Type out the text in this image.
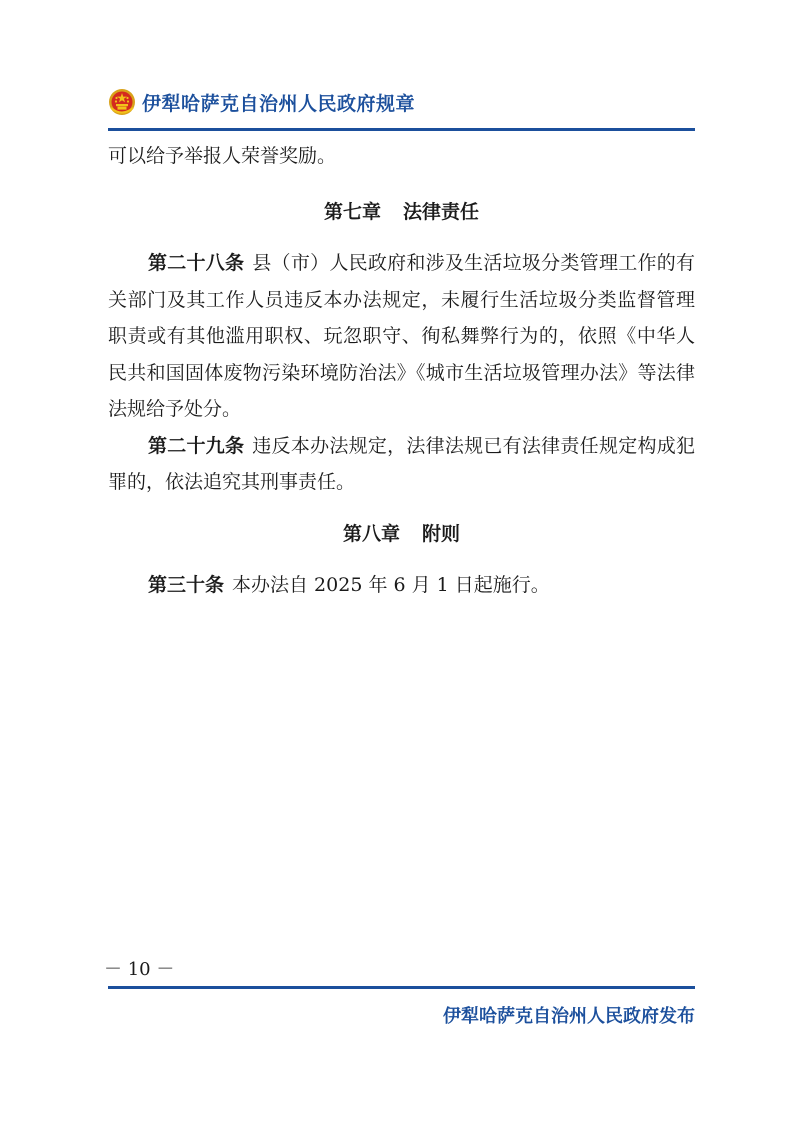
伊犁哈萨克自治州人民政府规章

可以给予举报人荣誉奖励。

第七章 法律责任

第二十八条 县（市）人民政府和涉及生活垃圾分类管理工作的有关部门及其工作人员违反本办法规定，未履行生活垃圾分类监督管理职责或有其他滥用职权、玩忽职守、徇私舞弊行为的，依照《中华人民共和国固体废物污染环境防治法》《城市生活垃圾管理办法》等法律法规给予处分。

第二十九条 违反本办法规定，法律法规已有法律责任规定构成犯罪的，依法追究其刑事责任。

第八章 附则

第三十条 本办法自 2025 年 6 月 1 日起施行。

－ 10 －
伊犁哈萨克自治州人民政府发布
